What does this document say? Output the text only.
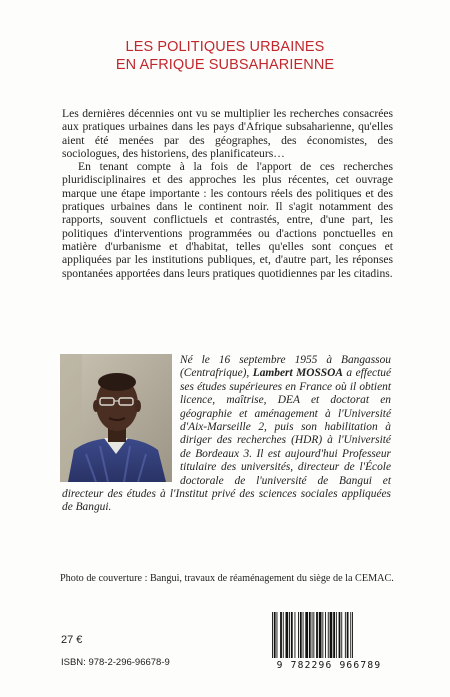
LES POLITIQUES URBAINES
EN AFRIQUE SUBSAHARIENNE

Les dernières décennies ont vu se multiplier les recherches consacrées aux pratiques urbaines dans les pays d'Afrique subsaharienne, qu'elles aient été menées par des géographes, des économistes, des sociologues, des historiens, des planificateurs…

En tenant compte à la fois de l'apport de ces recherches pluridisciplinaires et des approches les plus récentes, cet ouvrage marque une étape importante : les contours réels des politiques et des pratiques urbaines dans le continent noir. Il s'agit notamment des rapports, souvent conflictuels et contrastés, entre, d'une part, les politiques d'interventions programmées ou d'actions ponctuelles en matière d'urbanisme et d'habitat, telles qu'elles sont conçues et appliquées par les institutions publiques, et, d'autre part, les réponses spontanées apportées dans leurs pratiques quotidiennes par les citadins.

Né le 16 septembre 1955 à Bangassou (Centrafrique), Lambert MOSSOA a effectué ses études supérieures en France où il obtient licence, maîtrise, DEA et doctorat en géographie et aménagement à l'Université d'Aix-Marseille 2, puis son habilitation à diriger des recherches (HDR) à l'Université de Bordeaux 3. Il est aujourd'hui Professeur titulaire des universités, directeur de l'École doctorale de l'université de Bangui et directeur des études à l'Institut privé des sciences sociales appliquées de Bangui.
Photo de couverture : Bangui, travaux de réaménagement du siège de la CEMAC.
27 €
ISBN: 978-2-296-96678-9	9 782296 966789
